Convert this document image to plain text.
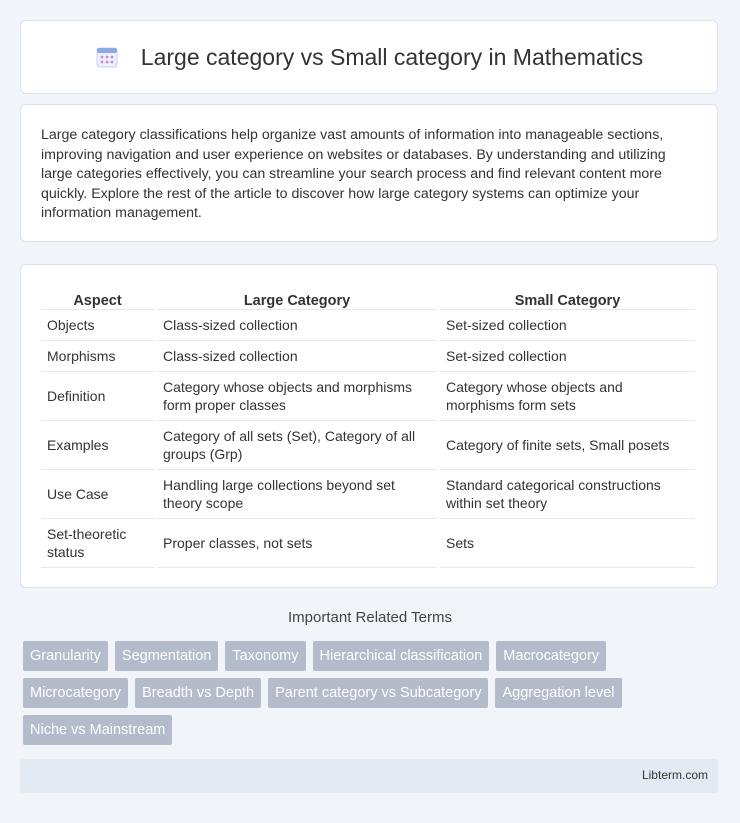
Large category vs Small category in Mathematics

Large category classifications help organize vast amounts of information into manageable sections, improving navigation and user experience on websites or databases. By understanding and utilizing large categories effectively, you can streamline your search process and find relevant content more quickly. Explore the rest of the article to discover how large category systems can optimize your information management.

Aspect	Large Category	Small Category
Objects	Class-sized collection	Set-sized collection
Morphisms	Class-sized collection	Set-sized collection
Definition	Category whose objects and morphisms form proper classes	Category whose objects and morphisms form sets
Examples	Category of all sets (Set), Category of all groups (Grp)	Category of finite sets, Small posets
Use Case	Handling large collections beyond set theory scope	Standard categorical constructions within set theory
Set-theoretic status	Proper classes, not sets	Sets
Important Related Terms
Granularity	Segmentation	Taxonomy	Hierarchical classification	Macrocategory
Microcategory	Breadth vs Depth	Parent category vs Subcategory	Aggregation level
Niche vs Mainstream
Libterm.com
